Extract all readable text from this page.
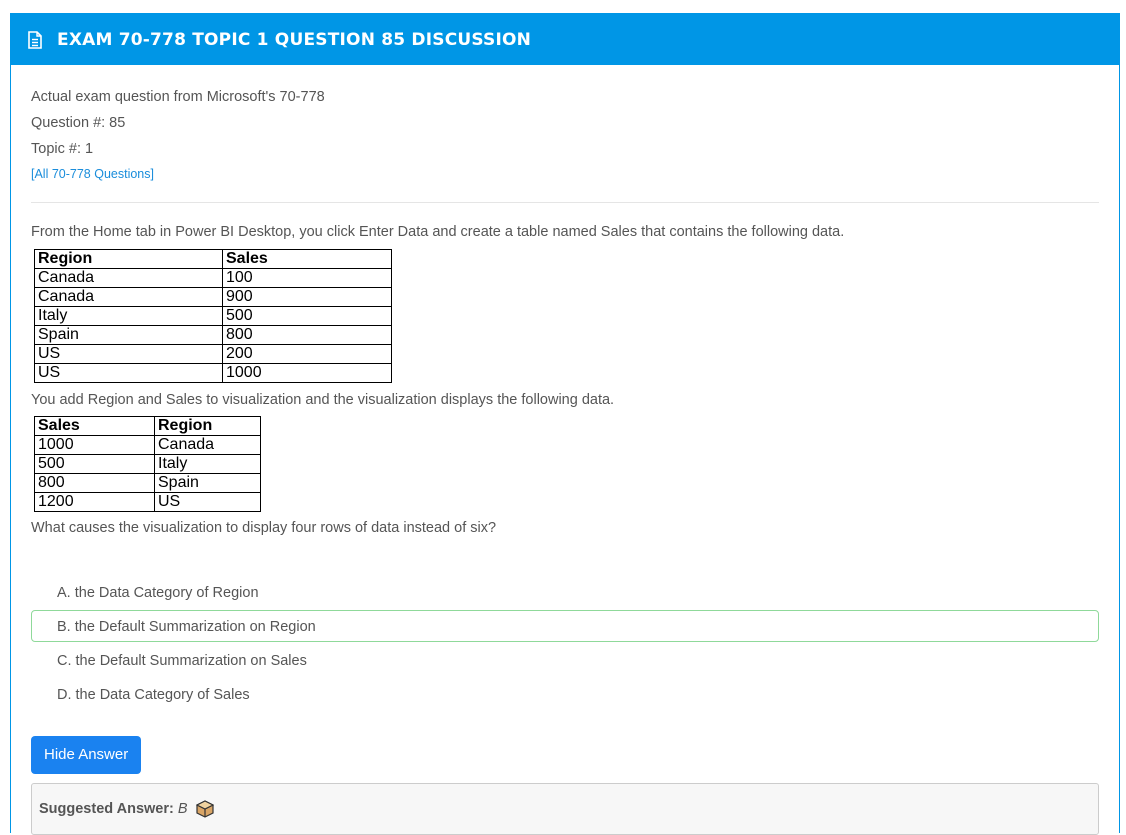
EXAM 70-778 TOPIC 1 QUESTION 85 DISCUSSION
Actual exam question from Microsoft's 70-778
Question #: 85
Topic #: 1
[All 70-778 Questions]
From the Home tab in Power BI Desktop, you click Enter Data and create a table named Sales that contains the following data.
Region	Sales
Canada	100
Canada	900
Italy	500
Spain	800
US	200
US	1000
You add Region and Sales to visualization and the visualization displays the following data.
Sales	Region
1000	Canada
500	Italy
800	Spain
1200	US
What causes the visualization to display four rows of data instead of six?
A. the Data Category of Region
B. the Default Summarization on Region
C. the Default Summarization on Sales
D. the Data Category of Sales
Hide Answer
Suggested Answer: B
